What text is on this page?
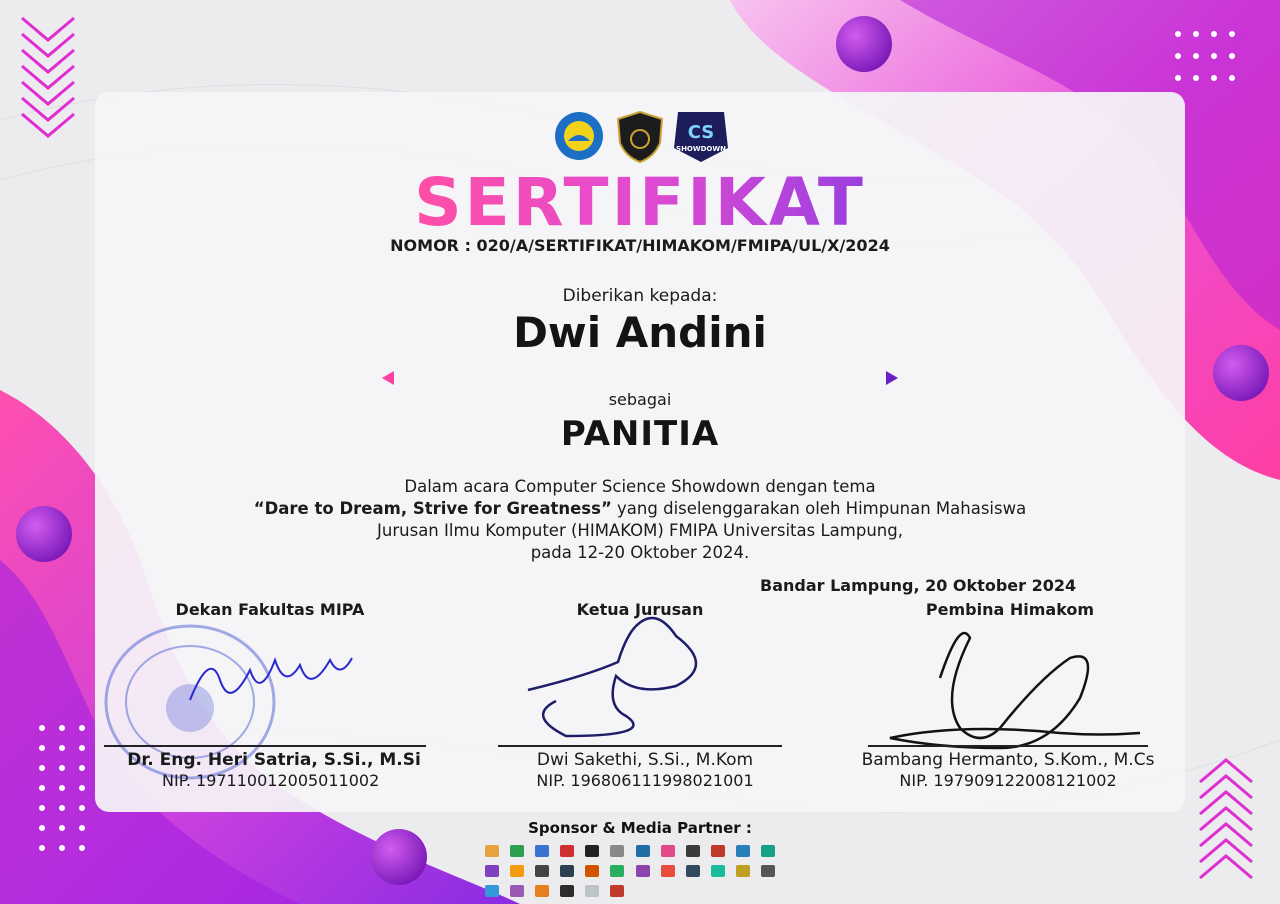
CS
SHOWDOWN
SERTIFIKAT
NOMOR : 020/A/SERTIFIKAT/HIMAKOM/FMIPA/UL/X/2024
Diberikan kepada:
Dwi Andini
sebagai
PANITIA
Dalam acara Computer Science Showdown dengan tema
“Dare to Dream, Strive for Greatness” yang diselenggarakan oleh Himpunan Mahasiswa
Jurusan Ilmu Komputer (HIMAKOM) FMIPA Universitas Lampung,
pada 12-20 Oktober 2024.
Bandar Lampung, 20 Oktober 2024
Dekan Fakultas MIPA
Dr. Eng. Heri Satria, S.Si., M.Si
NIP. 197110012005011002
Ketua Jurusan
Dwi Sakethi, S.Si., M.Kom
NIP. 196806111998021001
Pembina Himakom
Bambang Hermanto, S.Kom., M.Cs
NIP. 197909122008121002
Sponsor & Media Partner :
